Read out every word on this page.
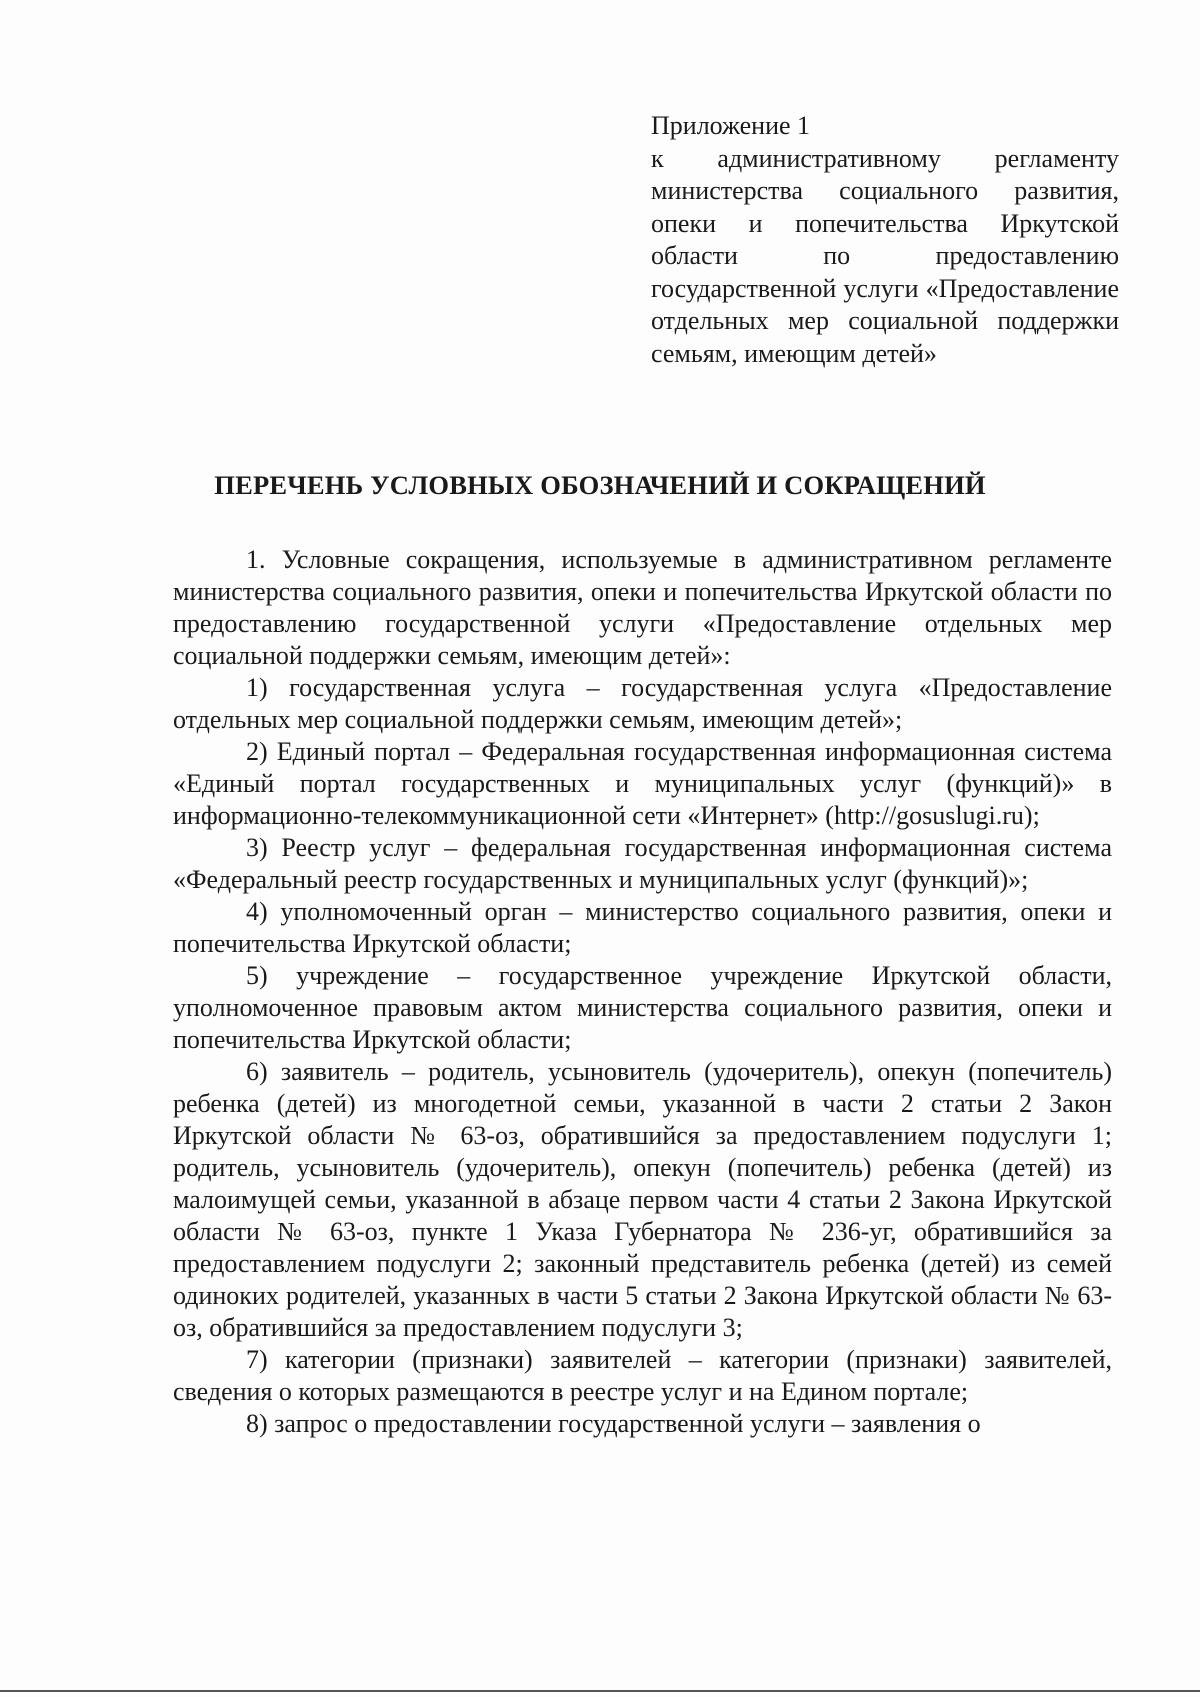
Приложение 1
к административному регламенту министерства социального развития, опеки и попечительства Иркутской области по предоставлению государственной услуги «Предоставление отдельных мер социальной поддержки семьям, имеющим детей»
ПЕРЕЧЕНЬ УСЛОВНЫХ ОБОЗНАЧЕНИЙ И СОКРАЩЕНИЙ

1. Условные сокращения, используемые в административном регламенте министерства социального развития, опеки и попечительства Иркутской области по предоставлению государственной услуги «Предоставление отдельных мер социальной поддержки семьям, имеющим детей»:

1) государственная услуга – государственная услуга «Предоставление отдельных мер социальной поддержки семьям, имеющим детей»;

2) Единый портал – Федеральная государственная информационная система «Единый портал государственных и муниципальных услуг (функций)» в информационно-телекоммуникационной сети «Интернет» (http://gosuslugi.ru);

3) Реестр услуг – федеральная государственная информационная система «Федеральный реестр государственных и муниципальных услуг (функций)»;

4) уполномоченный орган – министерство социального развития, опеки и попечительства Иркутской области;

5) учреждение – государственное учреждение Иркутской области, уполномоченное правовым актом министерства социального развития, опеки и попечительства Иркутской области;

6) заявитель – родитель, усыновитель (удочеритель), опекун (попечитель) ребенка (детей) из многодетной семьи, указанной в части 2 статьи 2 Закон Иркутской области № 63-оз, обратившийся за предоставлением подуслуги 1; родитель, усыновитель (удочеритель), опекун (попечитель) ребенка (детей) из малоимущей семьи, указанной в абзаце первом части 4 статьи 2 Закона Иркутской области № 63-оз, пункте 1 Указа Губернатора № 236-уг, обратившийся за предоставлением подуслуги 2; законный представитель ребенка (детей) из семей одиноких родителей, указанных в части 5 статьи 2 Закона Иркутской области № 63-оз, обратившийся за предоставлением подуслуги 3;

7) категории (признаки) заявителей – категории (признаки) заявителей, сведения о которых размещаются в реестре услуг и на Едином портале;

8) запрос о предоставлении государственной услуги – заявления о
